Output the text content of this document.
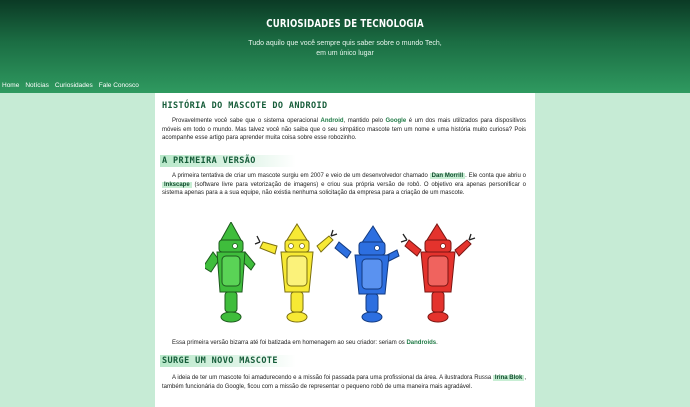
CURIOSIDADES DE TECNOLOGIA
Tudo aquilo que você sempre quis saber sobre o mundo Tech,
em um único lugar
Home Notícias Curiosidades Fale Conosco
HISTÓRIA DO MASCOTE DO ANDROID

Provavelmente você sabe que o sistema operacional Android, mantido pelo Google é um dos mais utilizados para dispositivos móveis em todo o mundo. Mas talvez você não saiba que o seu simpático mascote tem um nome e uma história muito curiosa? Pois acompanhe esse artigo para aprender muita coisa sobre esse robozinho.

A PRIMEIRA VERSÃO

A primeira tentativa de criar um mascote surgiu em 2007 e veio de um desenvolvedor chamado Dan Morrill . Ele conta que abriu o Inkscape (software livre para vetorização de imagens) e criou sua própria versão de robô. O objetivo era apenas personificar o sistema apenas para a a sua equipe, não existia nenhuma solicitação da empresa para a criação de um mascote.

Essa primeira versão bizarra até foi batizada em homenagem ao seu criador: seriam os Dandroids.

SURGE UM NOVO MASCOTE

A ideia de ter um mascote foi amadurecendo e a missão foi passada para uma profissional da área. A ilustradora Russa Irina Blok , também funcionária do Google, ficou com a missão de representar o pequeno robô de uma maneira mais agradável.
